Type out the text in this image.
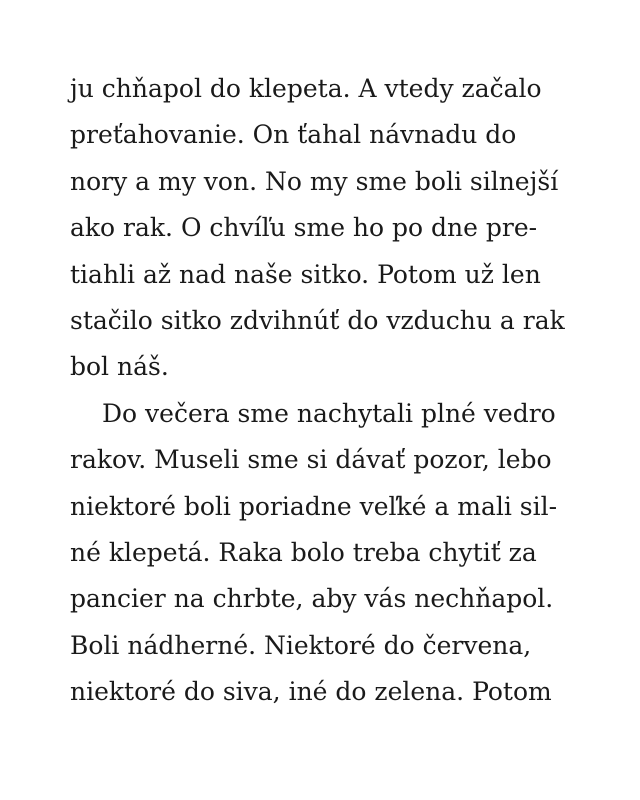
ju chňapol do klepeta. A vtedy začalo
preťahovanie. On ťahal návnadu do
nory a my von. No my sme boli silnejší
ako rak. O chvíľu sme ho po dne pre-
tiahli až nad naše sitko. Potom už len
stačilo sitko zdvihnúť do vzduchu a rak
bol náš.
Do večera sme nachytali plné vedro
rakov. Museli sme si dávať pozor, lebo
niektoré boli poriadne veľké a mali sil-
né klepetá. Raka bolo treba chytiť za
pancier na chrbte, aby vás nechňapol.
Boli nádherné. Niektoré do červena,
niektoré do siva, iné do zelena. Potom
